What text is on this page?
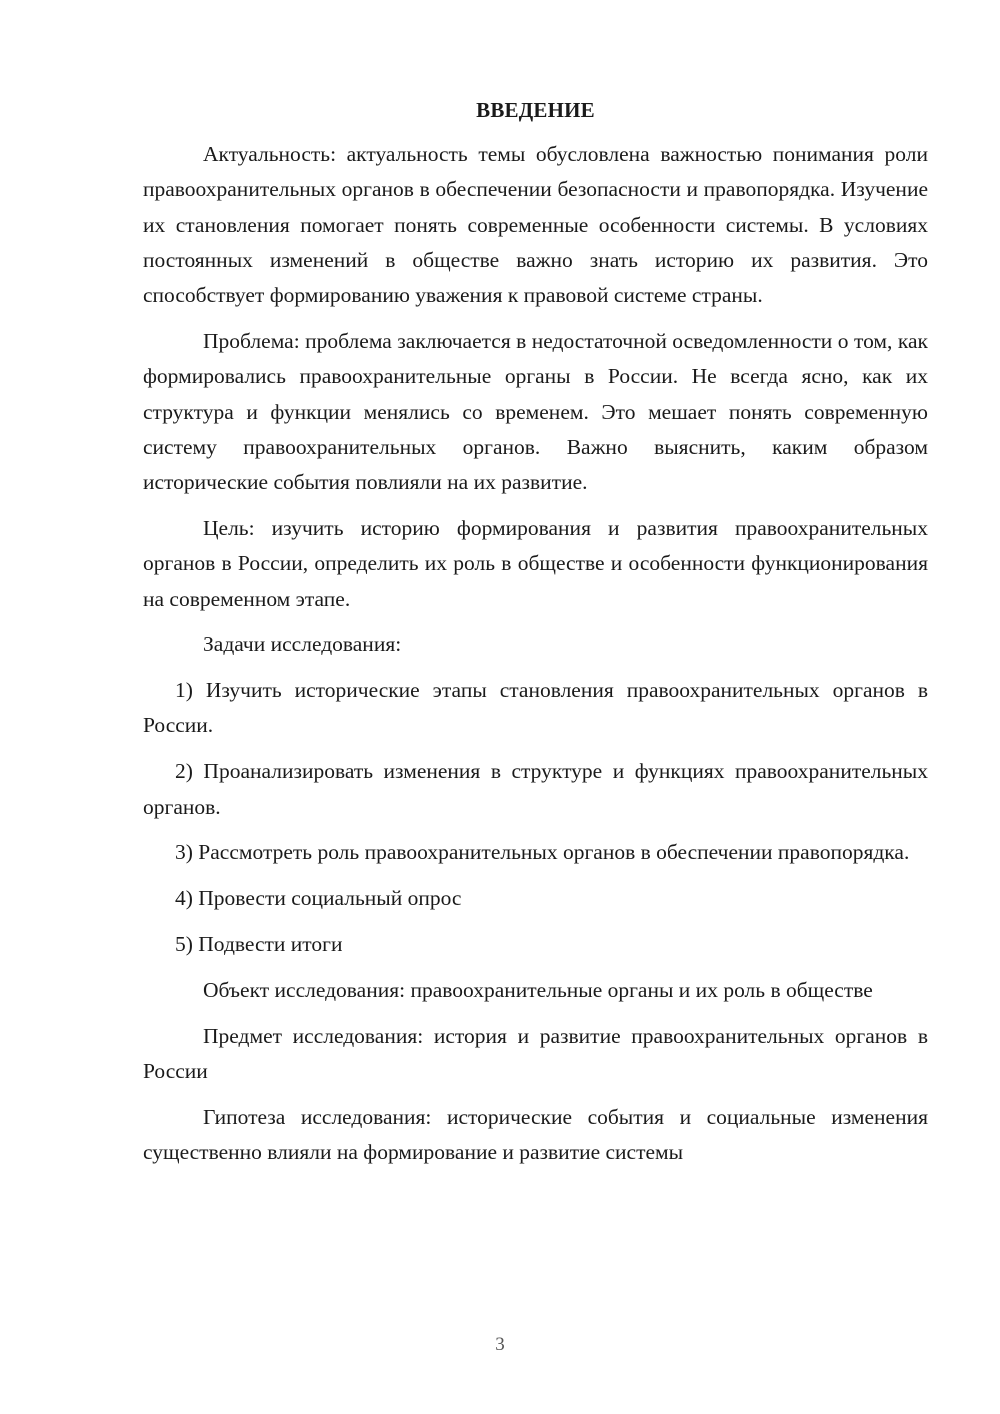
ВВЕДЕНИЕ

Актуальность: актуальность темы обусловлена важностью понимания роли правоохранительных органов в обеспечении безопасности и правопорядка. Изучение их становления помогает понять современные особенности системы. В условиях постоянных изменений в обществе важно знать историю их развития. Это способствует формированию уважения к правовой системе страны.

Проблема: проблема заключается в недостаточной осведомленности о том, как формировались правоохранительные органы в России. Не всегда ясно, как их структура и функции менялись со временем. Это мешает понять современную систему правоохранительных органов. Важно выяснить, каким образом исторические события повлияли на их развитие.

Цель: изучить историю формирования и развития правоохранительных органов в России, определить их роль в обществе и особенности функционирования на современном этапе.

Задачи исследования:

1) Изучить исторические этапы становления правоохранительных органов в России.

2) Проанализировать изменения в структуре и функциях правоохранительных органов.

3) Рассмотреть роль правоохранительных органов в обеспечении правопорядка.

4) Провести социальный опрос

5) Подвести итоги

Объект исследования: правоохранительные органы и их роль в обществе

Предмет исследования: история и развитие правоохранительных органов в России

Гипотеза исследования: исторические события и социальные изменения существенно влияли на формирование и развитие системы

3
